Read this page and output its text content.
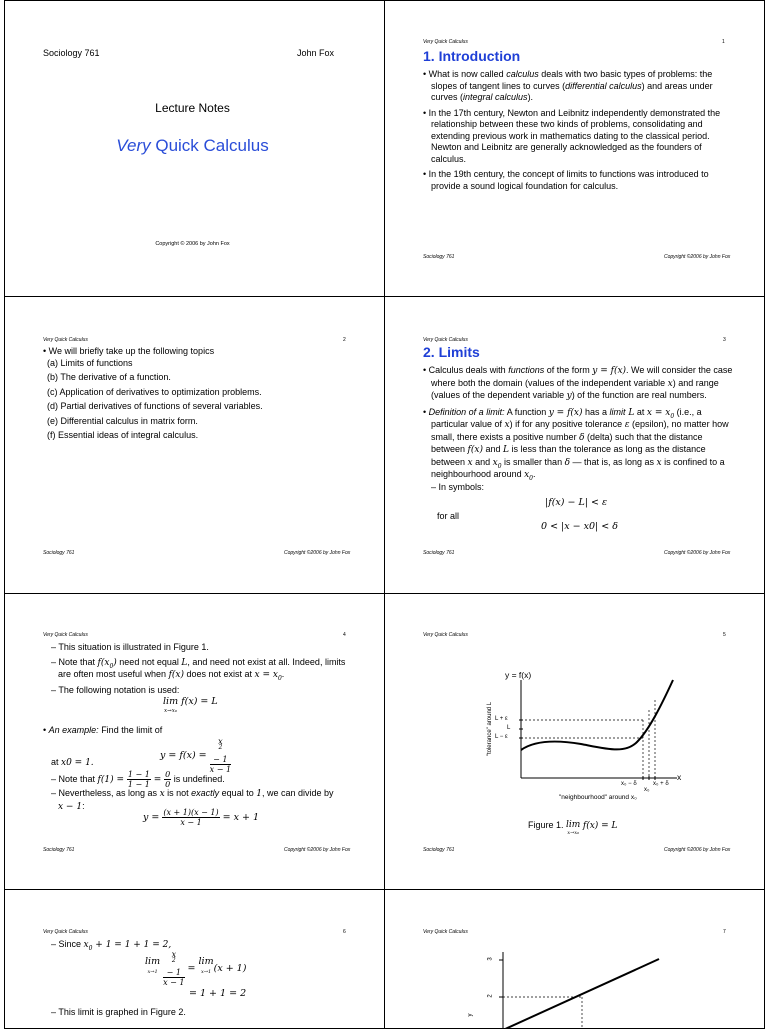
Sociology 761	John Fox
Lecture Notes
Very Quick Calculus
Copyright © 2006 by John Fox
Very Quick Calculus	1
1. Introduction

• What is now called calculus deals with two basic types of problems: the slopes of tangent lines to curves (differential calculus) and areas under curves (integral calculus).

• In the 17th century, Newton and Leibnitz independently demonstrated the relationship between these two kinds of problems, consolidating and extending previous work in mathematics dating to the classical period. Newton and Leibnitz are generally acknowledged as the founders of calculus.

• In the 19th century, the concept of limits to functions was introduced to provide a sound logical foundation for calculus.

Sociology 761	Copyright ©2006 by John Fox
Very Quick Calculus	2

• We will briefly take up the following topics

(a) Limits of functions

(b) The derivative of a function.

(c) Application of derivatives to optimization problems.

(d) Partial derivatives of functions of several variables.

(e) Differential calculus in matrix form.

(f) Essential ideas of integral calculus.

Sociology 761	Copyright ©2006 by John Fox
Very Quick Calculus	3
2. Limits

• Calculus deals with functions of the form y = f(x). We will consider the case where both the domain (values of the independent variable x) and range (values of the dependent variable y) of the function are real numbers.

• Definition of a limit: A function y = f(x) has a limit L at $x = x_0$ (i.e., a particular value of x) if for any positive tolerance ε (epsilon), no matter how small, there exists a positive number δ (delta) such that the distance between f(x) and L is less than the tolerance as long as the distance between x and $x_0$ is smaller than δ — that is, as long as x is confined to a neighbourhood around $x_0$.

– In symbols:

|f(x) − L| < ε
for all
0 < |x − x0| < δ
Sociology 761	Copyright ©2006 by John Fox
Very Quick Calculus	4

– This situation is illustrated in Figure 1.

– Note that $f(x_0)$ need not equal L, and need not exist at all. Indeed, limits are often most useful when f(x) does not exist at $x = x_0$.

– The following notation is used:

lim
$^{x\to x_0}$ f(x) = L
• An example: Find the limit of
y = f(x) = x
2
− 1
x − 1
at x0 = 1.
– Note that $f(1) = \frac{1 - 1}{1 - 1} = \frac{0}{0}$ is undefined.
– Nevertheless, as long as x is not exactly equal to 1, we can divide by
x − 1:
$y = \frac{(x + 1)(x - 1)}{x - 1} = x + 1$
Sociology 761	Copyright ©2006 by John Fox
Very Quick Calculus	5
y = f(x)
x
"tolerance" around L L + ε
L
L − ε
x₀ − δ	x₀ + δ
x₀
"neighbourhood" around x₀
Figure 1. lim
$^{x\to x_0}$ f(x) = L
Sociology 761	Copyright ©2006 by John Fox
Very Quick Calculus	6
– Since $x_0 + 1 = 1 + 1 = 2$,
lim
$^{x\to 1}$ x
2
− 1
x − 1 = lim
$^{x\to 1}$ (x + 1)
= 1 + 1 = 2
– This limit is graphed in Figure 2.
Very Quick Calculus	7
3
2
y
